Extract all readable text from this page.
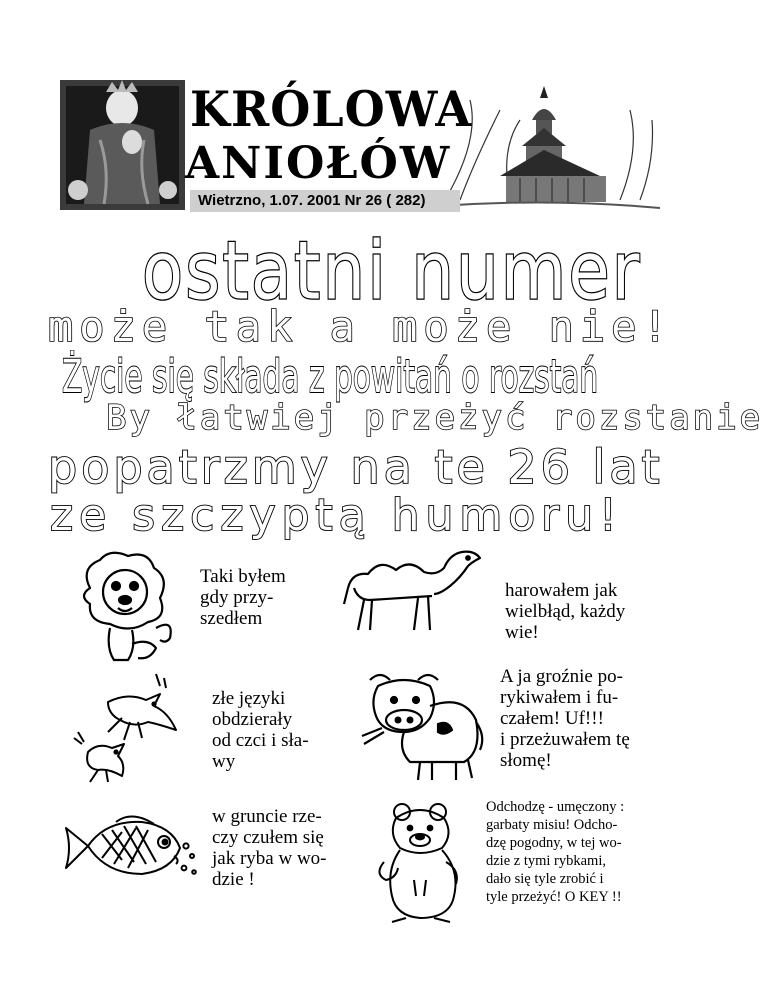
KRÓLOWA
ANIOŁÓW
Wietrzno, 1.07. 2001 Nr 26 ( 282)
ostatni numer
może tak a może nie!
Życie się składa z powitań o rozstań
By łatwiej przeżyć rozstanie
popatrzmy na te 26 lat
ze szczyptą humoru!
Taki byłem
gdy przy-
szedłem
harowałem jak
wielbłąd, każdy
wie!
złe języki
obdzierały
od czci i sła-
wy
A ja groźnie po-
rykiwałem i fu-
czałem! Uf!!!
i przeżuwałem tę
słomę!
w gruncie rze-
czy czułem się
jak ryba w wo-
dzie !
Odchodzę - umęczony :
garbaty misiu! Odcho-
dzę pogodny, w tej wo-
dzie z tymi rybkami,
dało się tyle zrobić i
tyle przeżyć! O KEY !!
